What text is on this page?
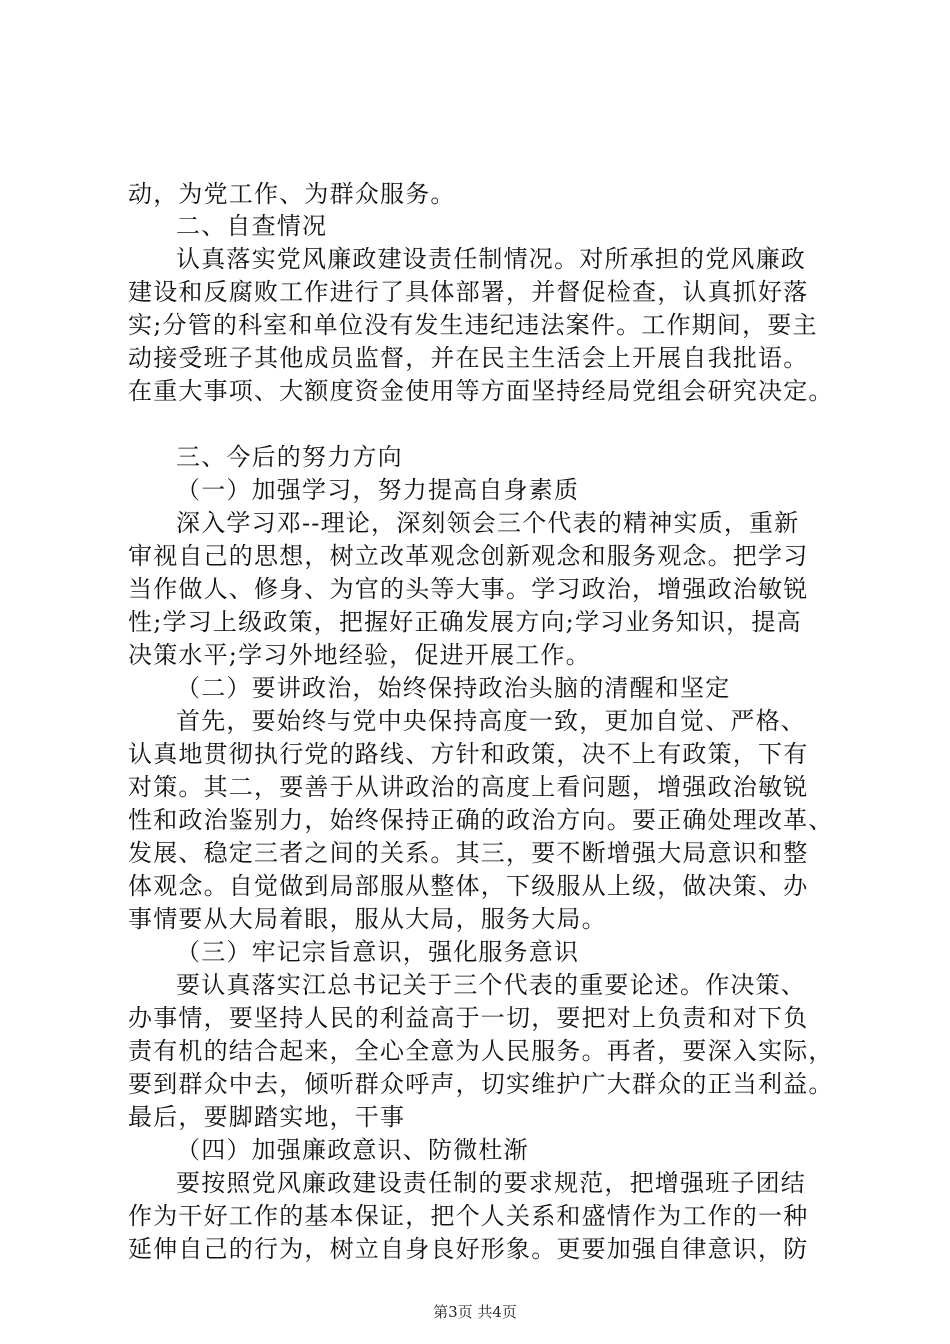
动，为党工作、为群众服务。
二、自查情况
认真落实党风廉政建设责任制情况。对所承担的党风廉政
建设和反腐败工作进行了具体部署，并督促检查，认真抓好落
实;分管的科室和单位没有发生违纪违法案件。工作期间，要主
动接受班子其他成员监督，并在民主生活会上开展自我批语。
在重大事项、大额度资金使用等方面坚持经局党组会研究决定。
三、今后的努力方向
（一）加强学习，努力提高自身素质
深入学习邓--理论，深刻领会三个代表的精神实质，重新
审视自己的思想，树立改革观念创新观念和服务观念。把学习
当作做人、修身、为官的头等大事。学习政治，增强政治敏锐
性;学习上级政策，把握好正确发展方向;学习业务知识，提高
决策水平;学习外地经验，促进开展工作。
（二）要讲政治，始终保持政治头脑的清醒和坚定
首先，要始终与党中央保持高度一致，更加自觉、严格、
认真地贯彻执行党的路线、方针和政策，决不上有政策，下有
对策。其二，要善于从讲政治的高度上看问题，增强政治敏锐
性和政治鉴别力，始终保持正确的政治方向。要正确处理改革、
发展、稳定三者之间的关系。其三，要不断增强大局意识和整
体观念。自觉做到局部服从整体，下级服从上级，做决策、办
事情要从大局着眼，服从大局，服务大局。
（三）牢记宗旨意识，强化服务意识
要认真落实江总书记关于三个代表的重要论述。作决策、
办事情，要坚持人民的利益高于一切，要把对上负责和对下负
责有机的结合起来，全心全意为人民服务。再者，要深入实际，
要到群众中去，倾听群众呼声，切实维护广大群众的正当利益。
最后，要脚踏实地，干事
（四）加强廉政意识、防微杜渐
要按照党风廉政建设责任制的要求规范，把增强班子团结
作为干好工作的基本保证，把个人关系和盛情作为工作的一种
延伸自己的行为，树立自身良好形象。更要加强自律意识，防
第3页 共4页
